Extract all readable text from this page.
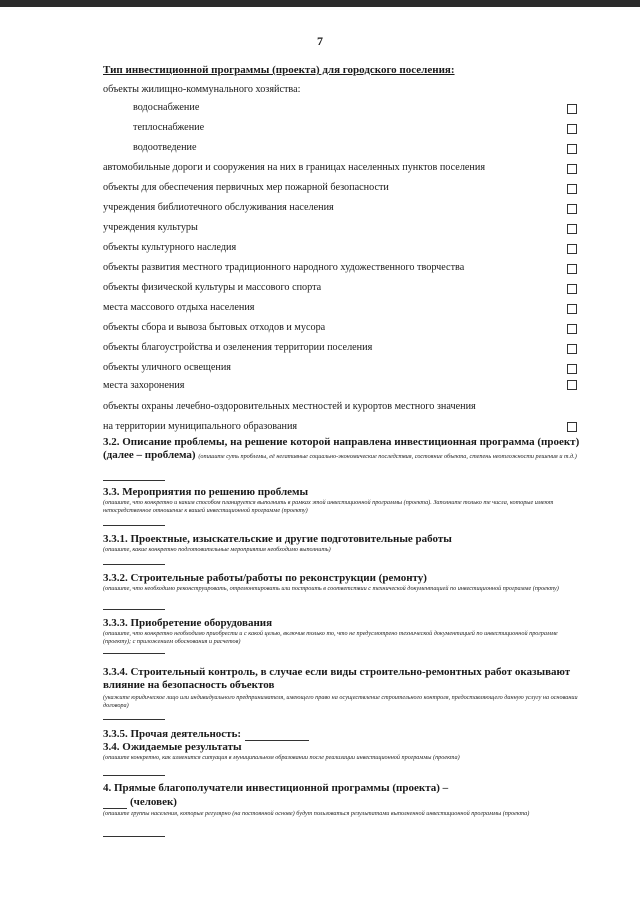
7
Тип инвестиционной программы (проекта) для городского поселения:
объекты жилищно-коммунального хозяйства:
водоснабжение
теплоснабжение
водоотведение
автомобильные дороги и сооружения на них в границах населенных пунктов поселения
объекты для обеспечения первичных мер пожарной безопасности
учреждения библиотечного обслуживания населения
учреждения культуры
объекты культурного наследия
объекты развития местного традиционного народного художественного творчества
объекты физической культуры и массового спорта
места массового отдыха населения
объекты сбора и вывоза бытовых отходов и мусора
объекты благоустройства и озеленения территории поселения
объекты уличного освещения
места захоронения
объекты охраны лечебно-оздоровительных местностей и курортов местного значения
на территории муниципального образования
3.2. Описание проблемы, на решение которой направлена инвестиционная программа (проект) (далее – проблема) (опишите суть проблемы, её негативные социально-экономические последствия, состояние объекта, степень неотложности решения и т.д.)
3.3. Мероприятия по решению проблемы
(опишите, что конкретно и каким способом планируется выполнить в рамках этой инвестиционной программы (проекта). Заполните только те числа, которые имеют непосредственное отношение к вашей инвестиционной программе (проекту)
3.3.1. Проектные, изыскательские и другие подготовительные работы
(опишите, какие конкретно подготовительные мероприятия необходимо выполнить)
3.3.2. Строительные работы/работы по реконструкции (ремонту)
(опишите, что необходимо реконструировать, отремонтировать или построить в соответствии с технической документацией по инвестиционной программе (проекту)
3.3.3. Приобретение оборудования
(опишите, что конкретно необходимо приобрести и с какой целью, включив только то, что не предусмотрено технической документацией по инвестиционной программе (проекту); с приложением обоснования и расчетов)
3.3.4. Строительный контроль, в случае если виды строительно-ремонтных работ оказывают влияние на безопасность объектов
(укажите юридическое лицо или индивидуального предпринимателя, имеющего право на осуществление строительного контроля, предоставляющего данную услугу на основании договора)
3.3.5. Прочая деятельность:
3.4. Ожидаемые результаты
(опишите конкретно, как изменится ситуация в муниципальном образовании после реализации инвестиционной программы (проекта)
4. Прямые благополучатели инвестиционной программы (проекта) –
(человек)
(опишите группы населения, которые регулярно (на постоянной основе) будут пользоваться результатами выполненной инвестиционной программы (проекта)
